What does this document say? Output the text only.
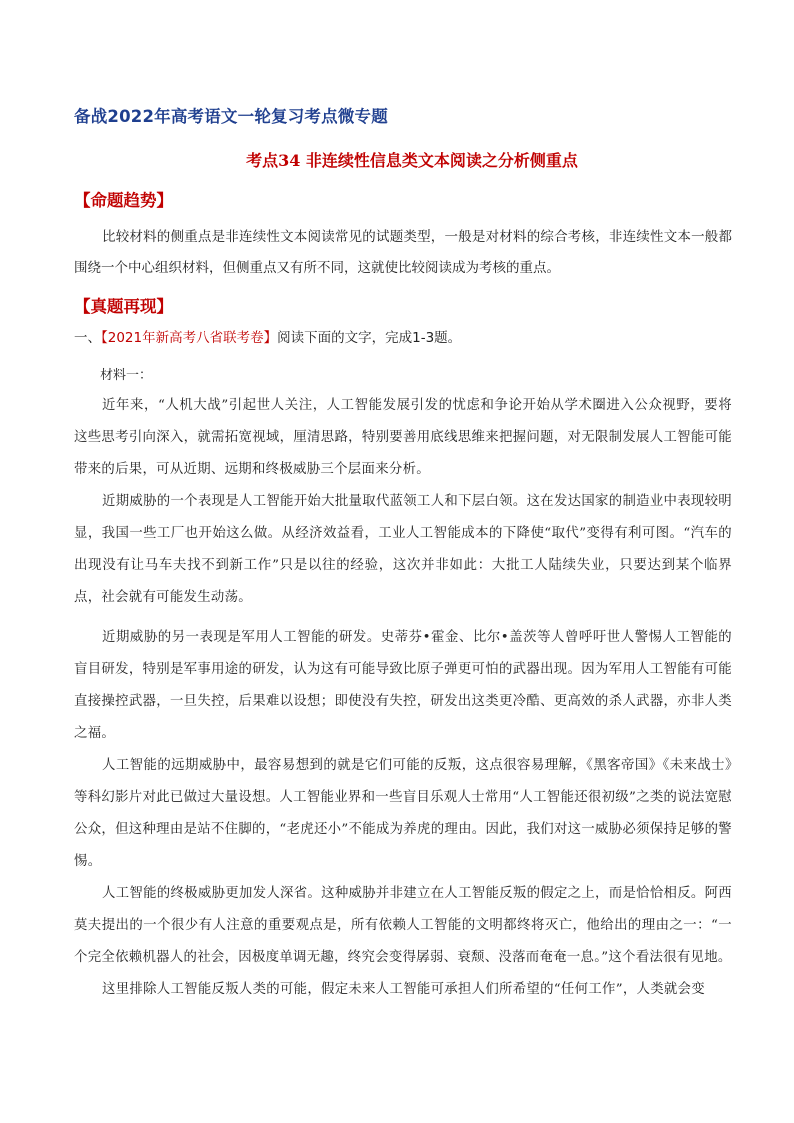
备战2022年高考语文一轮复习考点微专题
考点34 非连续性信息类文本阅读之分析侧重点
【命题趋势】
比较材料的侧重点是非连续性文本阅读常见的试题类型，一般是对材料的综合考核，非连续性文本一般都围绕一个中心组织材料，但侧重点又有所不同，这就使比较阅读成为考核的重点。
【真题再现】
一、【2021年新高考八省联考卷】阅读下面的文字，完成1-3题。
材料一：

近年来，“人机大战”引起世人关注，人工智能发展引发的忧虑和争论开始从学术圈进入公众视野，要将这些思考引向深入，就需拓宽视域，厘清思路，特别要善用底线思维来把握问题，对无限制发展人工智能可能带来的后果，可从近期、远期和终极威胁三个层面来分析。

近期威胁的一个表现是人工智能开始大批量取代蓝领工人和下层白领。这在发达国家的制造业中表现较明显，我国一些工厂也开始这么做。从经济效益看，工业人工智能成本的下降使“取代”变得有利可图。“汽车的出现没有让马车夫找不到新工作”只是以往的经验，这次并非如此：大批工人陆续失业，只要达到某个临界点，社会就有可能发生动荡。

近期威胁的另一表现是军用人工智能的研发。史蒂芬•霍金、比尔•盖茨等人曾呼吁世人警惕人工智能的盲目研发，特别是军事用途的研发，认为这有可能导致比原子弹更可怕的武器出现。因为军用人工智能有可能直接操控武器，一旦失控，后果难以设想；即使没有失控，研发出这类更冷酷、更高效的杀人武器，亦非人类之福。

人工智能的远期威胁中，最容易想到的就是它们可能的反叛，这点很容易理解，《黑客帝国》《未来战士》等科幻影片对此已做过大量设想。人工智能业界和一些盲目乐观人士常用“人工智能还很初级”之类的说法宽慰公众，但这种理由是站不住脚的，“老虎还小”不能成为养虎的理由。因此，我们对这一威胁必须保持足够的警惕。

人工智能的终极威胁更加发人深省。这种威胁并非建立在人工智能反叛的假定之上，而是恰恰相反。阿西莫夫提出的一个很少有人注意的重要观点是，所有依赖人工智能的文明都终将灭亡，他给出的理由之一：“一个完全依赖机器人的社会，因极度单调无趣，终究会变得孱弱、衰颓、没落而奄奄一息。”这个看法很有见地。

这里排除人工智能反叛人类的可能，假定未来人工智能可承担人们所希望的“任何工作”，人类就会变
